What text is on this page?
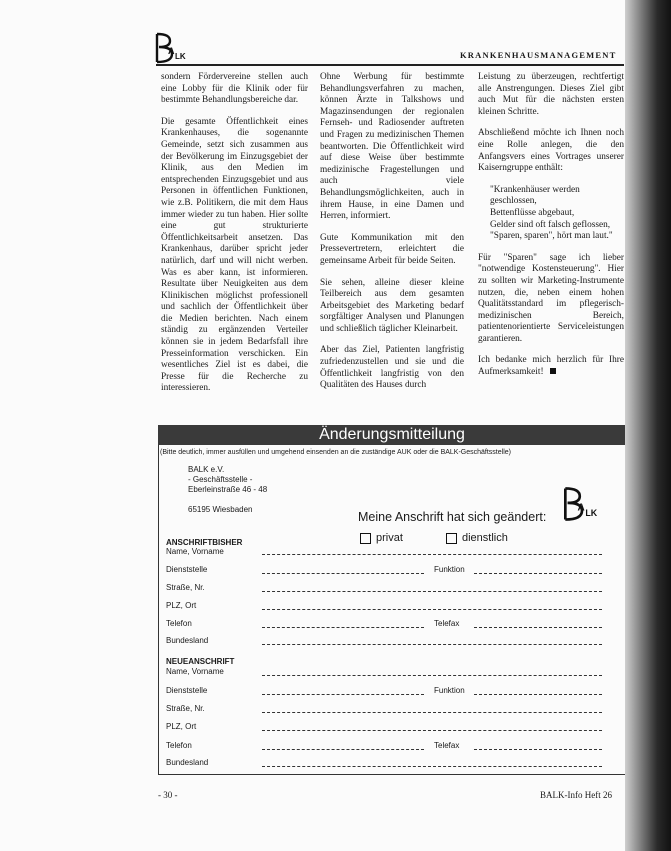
A
LK	KRANKENHAUSMANAGEMENT

sondern Fördervereine stellen auch eine Lobby für die Klinik oder für bestimmte Behandlungsbereiche dar.

Die gesamte Öffentlichkeit eines Krankenhauses, die sogenannte Gemeinde, setzt sich zusammen aus der Bevölkerung im Einzugsgebiet der Klinik, aus den Medien im entsprechenden Einzugsgebiet und aus Personen in öffentlichen Funktionen, wie z.B. Politikern, die mit dem Haus immer wieder zu tun haben. Hier sollte eine gut strukturierte Öffentlichkeitsarbeit ansetzen. Das Krankenhaus, darüber spricht jeder natürlich, darf und will nicht werben. Was es aber kann, ist informieren. Resultate über Neuigkeiten aus dem Klinikischen möglichst professionell und sachlich der Öffentlichkeit über die Medien berichten. Nach einem ständig zu ergänzenden Verteiler können sie in jedem Bedarfsfall ihre Presseinformation verschicken. Ein wesentliches Ziel ist es dabei, die Presse für die Recherche zu interessieren.

Ohne Werbung für bestimmte Behandlungsverfahren zu machen, können Ärzte in Talkshows und Magazinsendungen der regionalen Fernseh- und Radiosender auftreten und Fragen zu medizinischen Themen beantworten. Die Öffentlichkeit wird auf diese Weise über bestimmte medizinische Fragestellungen und auch viele Behandlungsmöglichkeiten, auch in ihrem Hause, in eine Damen und Herren, informiert.

Gute Kommunikation mit den Pressevertretern, erleichtert die gemeinsame Arbeit für beide Seiten.

Sie sehen, alleine dieser kleine Teilbereich aus dem gesamten Arbeitsgebiet des Marketing bedarf sorgfältiger Analysen und Planungen und schließlich täglicher Kleinarbeit.

Aber das Ziel, Patienten langfristig zufriedenzustellen und sie und die Öffentlichkeit langfristig von den Qualitäten des Hauses durch

Leistung zu überzeugen, rechtfertigt alle Anstrengungen. Dieses Ziel gibt auch Mut für die nächsten ersten kleinen Schritte.

Abschließend möchte ich Ihnen noch eine Rolle anlegen, die den Anfangsvers eines Vortrages unserer Kaiserngruppe enthält:

"Krankenhäuser werden geschlossen,
Bettenflüsse abgebaut,
Gelder sind oft falsch geflossen,
"Sparen, sparen", hört man laut."

Für "Sparen" sage ich lieber "notwendige Kostensteuerung". Hier zu sollten wir Marketing-Instrumente nutzen, die, neben einem hohen Qualitätsstandard im pflegerisch-medizinischen Bereich, patientenorientierte Serviceleistungen garantieren.

Ich bedanke mich herzlich für Ihre Aufmerksamkeit!

Änderungsmitteilung
(Bitte deutlich, immer ausfüllen und umgehend einsenden an die zuständige AUK oder die BALK-Geschäftsstelle)
BALK e.V.
- Geschäftsstelle -
Eberleinstraße 46 - 48
65195 Wiesbaden	A LK
Meine Anschrift hat sich geändert:
privat	dienstlich
ANSCHRIFTBISHER
Name, Vorname
Dienststelle	Funktion
Straße, Nr.
PLZ, Ort
Telefon	Telefax
Bundesland
NEUEANSCHRIFT
Name, Vorname
Dienststelle	Funktion
Straße, Nr.
PLZ, Ort
Telefon	Telefax
Bundesland
- 30 -	BALK-Info Heft 26
